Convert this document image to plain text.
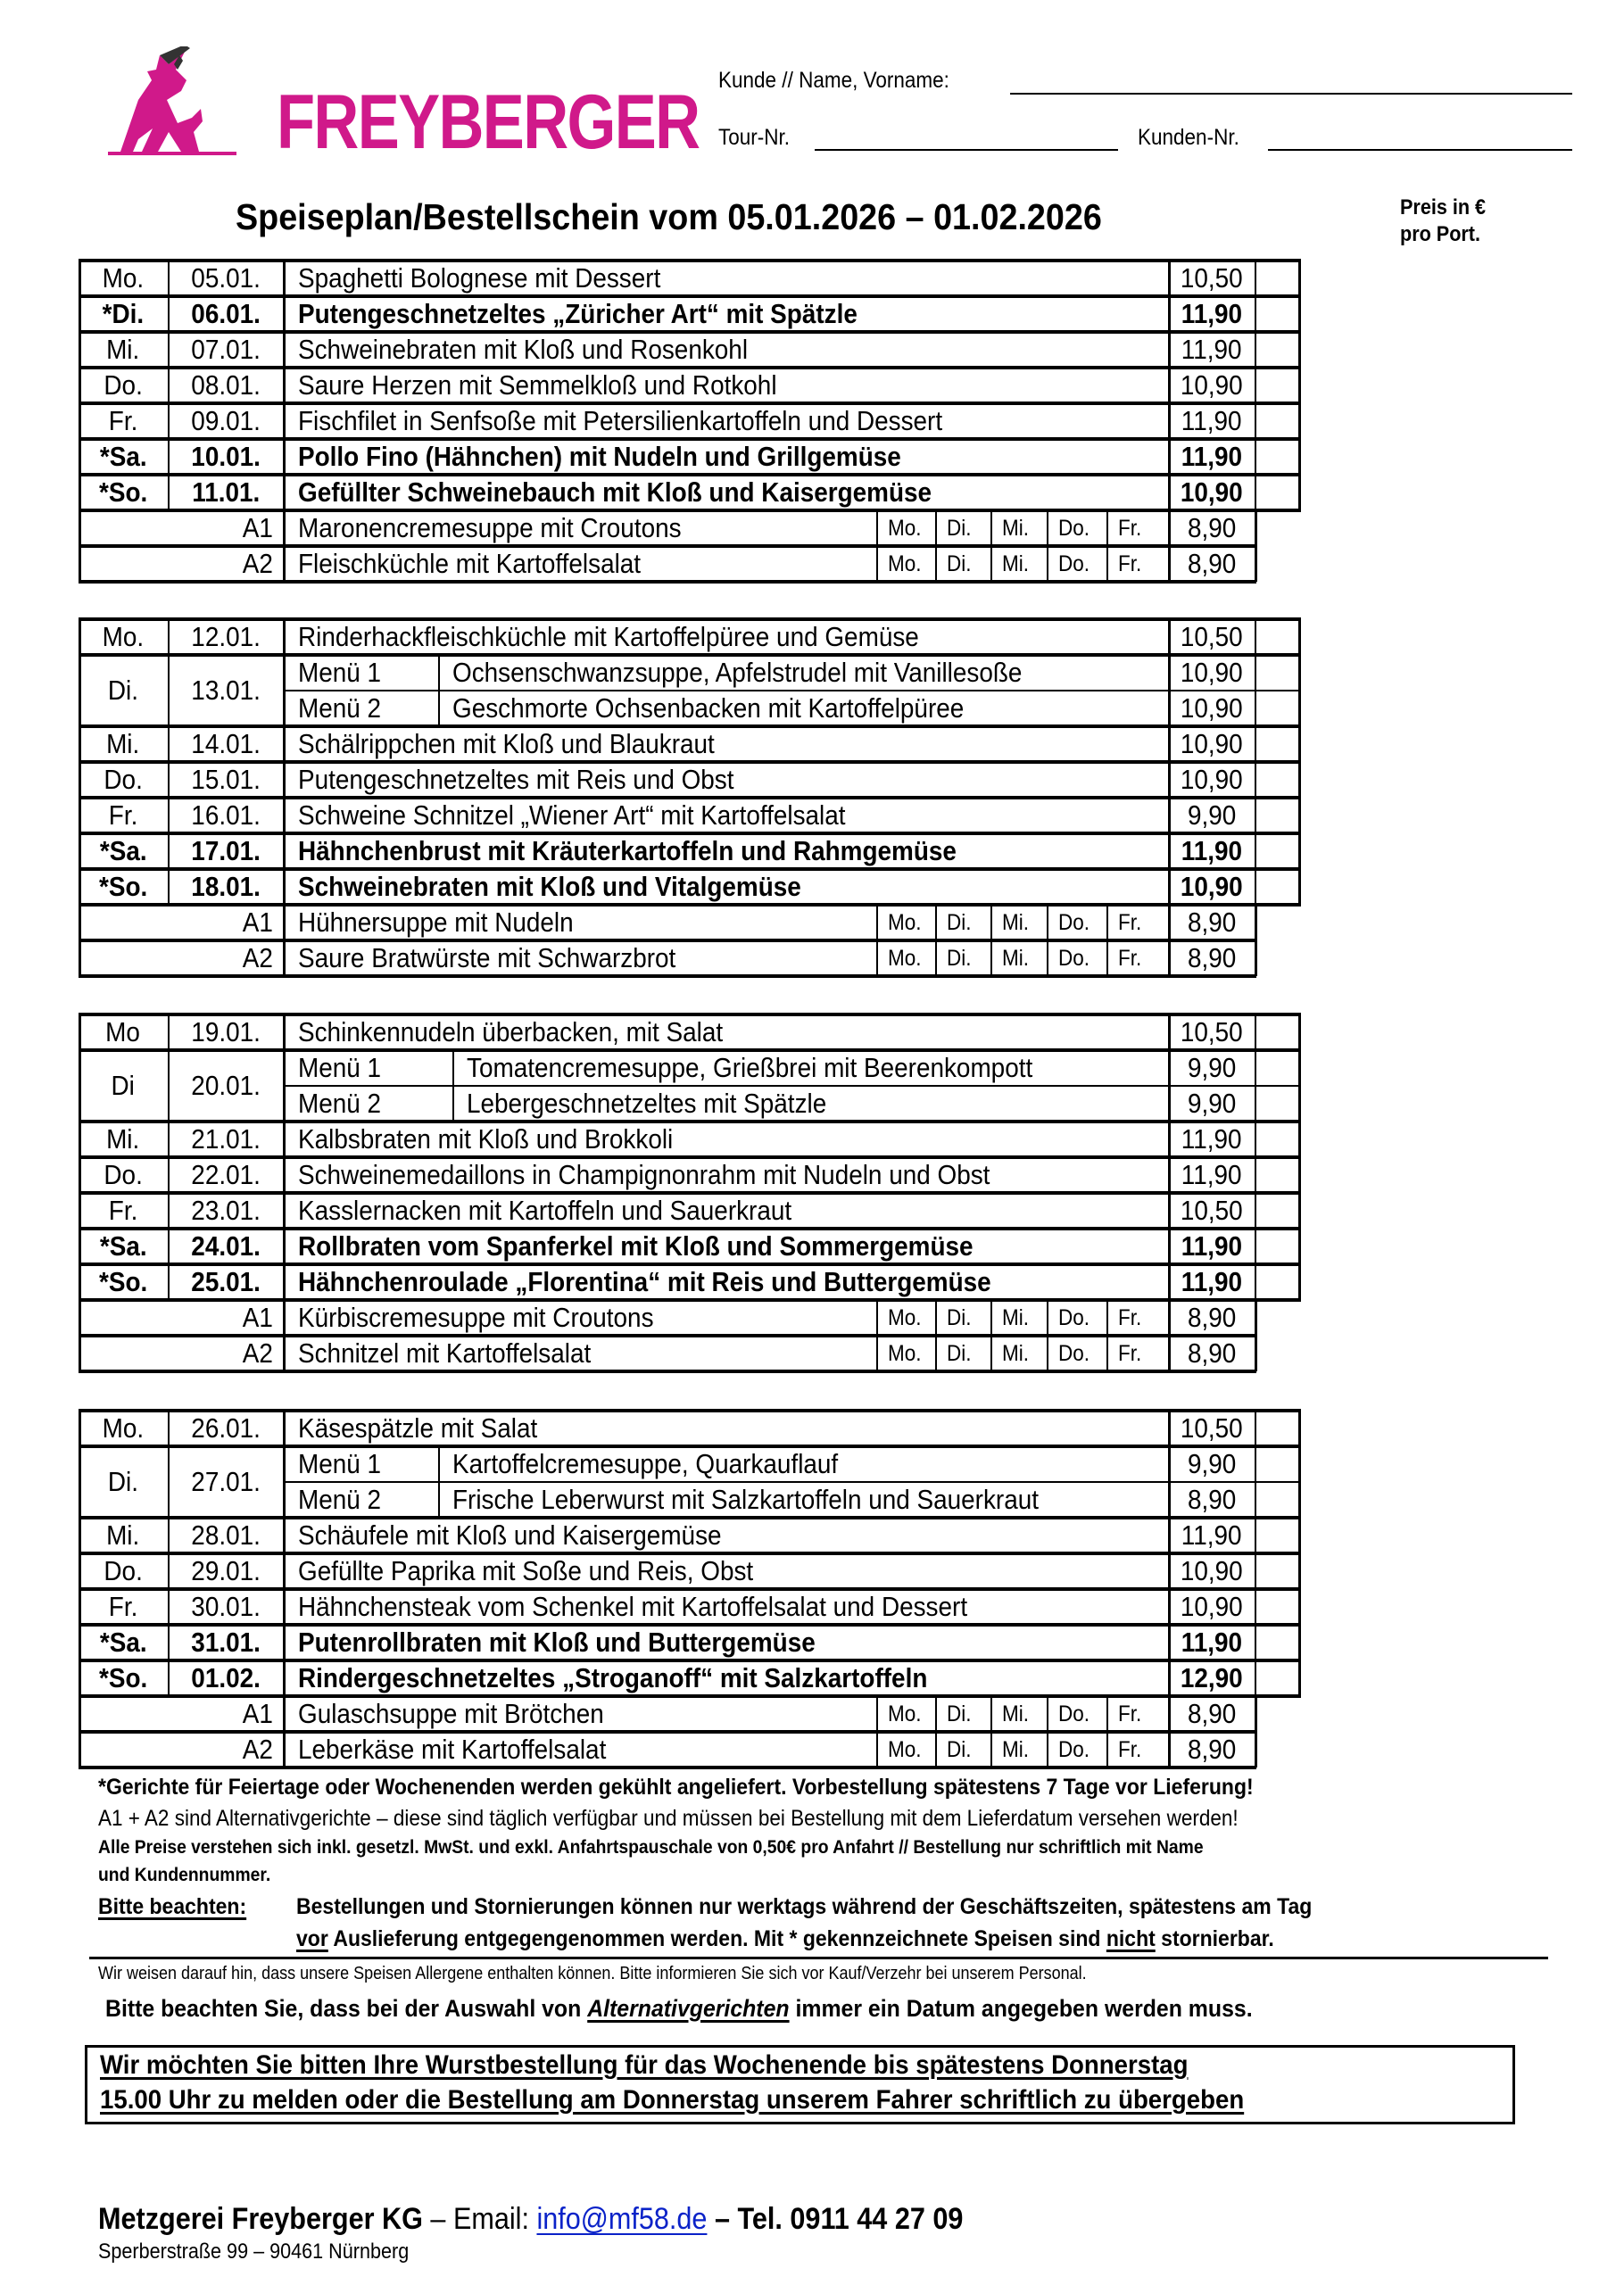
FREYBERGER Kunde // Name, Vorname:
Tour-Nr.	Kunden-Nr.
Speiseplan/Bestellschein vom 05.01.2026 – 01.02.2026	Preis in €
pro Port.
Mo. 05.01. Spaghetti Bolognese mit Dessert	10,50
*Di. 06.01. Putengeschnetzeltes „Züricher Art“ mit Spätzle	11,90
Mi. 07.01. Schweinebraten mit Kloß und Rosenkohl	11,90
Do. 08.01. Saure Herzen mit Semmelkloß und Rotkohl	10,90
Fr. 09.01. Fischfilet in Senfsoße mit Petersilienkartoffeln und Dessert	11,90
*Sa. 10.01. Pollo Fino (Hähnchen) mit Nudeln und Grillgemüse	11,90
*So. 11.01. Gefüllter Schweinebauch mit Kloß und Kaisergemüse	10,90
A1 Maronencremesuppe mit Croutons	Mo. Di. Mi. Do. Fr. 8,90
A2 Fleischküchle mit Kartoffelsalat	Mo. Di. Mi. Do. Fr. 8,90
Mo. 12.01. Rinderhackfleischküchle mit Kartoffelpüree und Gemüse	10,50
Di. 13.01.
Menü 1	Ochsenschwanzsuppe, Apfelstrudel mit Vanillesoße	10,90
Menü 2	Geschmorte Ochsenbacken mit Kartoffelpüree	10,90
Mi. 14.01. Schälrippchen mit Kloß und Blaukraut	10,90
Do. 15.01. Putengeschnetzeltes mit Reis und Obst	10,90
Fr. 16.01. Schweine Schnitzel „Wiener Art“ mit Kartoffelsalat	9,90
*Sa. 17.01. Hähnchenbrust mit Kräuterkartoffeln und Rahmgemüse	11,90
*So. 18.01. Schweinebraten mit Kloß und Vitalgemüse	10,90
A1 Hühnersuppe mit Nudeln	Mo. Di. Mi. Do. Fr. 8,90
A2 Saure Bratwürste mit Schwarzbrot	Mo. Di. Mi. Do. Fr. 8,90
Mo 19.01. Schinkennudeln überbacken, mit Salat	10,50
Di 20.01.
Menü 1	Tomatencremesuppe, Grießbrei mit Beerenkompott	9,90
Menü 2	Lebergeschnetzeltes mit Spätzle	9,90
Mi. 21.01. Kalbsbraten mit Kloß und Brokkoli	11,90
Do. 22.01. Schweinemedaillons in Champignonrahm mit Nudeln und Obst	11,90
Fr. 23.01. Kasslernacken mit Kartoffeln und Sauerkraut	10,50
*Sa. 24.01. Rollbraten vom Spanferkel mit Kloß und Sommergemüse	11,90
*So. 25.01. Hähnchenroulade „Florentina“ mit Reis und Buttergemüse	11,90
A1 Kürbiscremesuppe mit Croutons	Mo. Di. Mi. Do. Fr. 8,90
A2 Schnitzel mit Kartoffelsalat	Mo. Di. Mi. Do. Fr. 8,90
Mo. 26.01. Käsespätzle mit Salat	10,50
Di. 27.01.
Menü 1	Kartoffelcremesuppe, Quarkauflauf	9,90
Menü 2	Frische Leberwurst mit Salzkartoffeln und Sauerkraut	8,90
Mi. 28.01. Schäufele mit Kloß und Kaisergemüse	11,90
Do. 29.01. Gefüllte Paprika mit Soße und Reis, Obst	10,90
Fr. 30.01. Hähnchensteak vom Schenkel mit Kartoffelsalat und Dessert	10,90
*Sa. 31.01. Putenrollbraten mit Kloß und Buttergemüse	11,90
*So. 01.02. Rindergeschnetzeltes „Stroganoff“ mit Salzkartoffeln	12,90
A1 Gulaschsuppe mit Brötchen	Mo. Di. Mi. Do. Fr. 8,90
A2 Leberkäse mit Kartoffelsalat	Mo. Di. Mi. Do. Fr. 8,90
*Gerichte für Feiertage oder Wochenenden werden gekühlt angeliefert. Vorbestellung spätestens 7 Tage vor Lieferung!
A1 + A2 sind Alternativgerichte – diese sind täglich verfügbar und müssen bei Bestellung mit dem Lieferdatum versehen werden!
Alle Preise verstehen sich inkl. gesetzl. MwSt. und exkl. Anfahrtspauschale von 0,50€ pro Anfahrt // Bestellung nur schriftlich mit Name
und Kundennummer.
Bitte beachten: Bestellungen und Stornierungen können nur werktags während der Geschäftszeiten, spätestens am Tag
vor Auslieferung entgegengenommen werden. Mit * gekennzeichnete Speisen sind nicht stornierbar.
Wir weisen darauf hin, dass unsere Speisen Allergene enthalten können. Bitte informieren Sie sich vor Kauf/Verzehr bei unserem Personal.
Bitte beachten Sie, dass bei der Auswahl von Alternativgerichten immer ein Datum angegeben werden muss.
Wir möchten Sie bitten Ihre Wurstbestellung für das Wochenende bis spätestens Donnerstag
15.00 Uhr zu melden oder die Bestellung am Donnerstag unserem Fahrer schriftlich zu übergeben
Metzgerei Freyberger KG – Email: info@mf58.de – Tel. 0911 44 27 09
Sperberstraße 99 – 90461 Nürnberg
